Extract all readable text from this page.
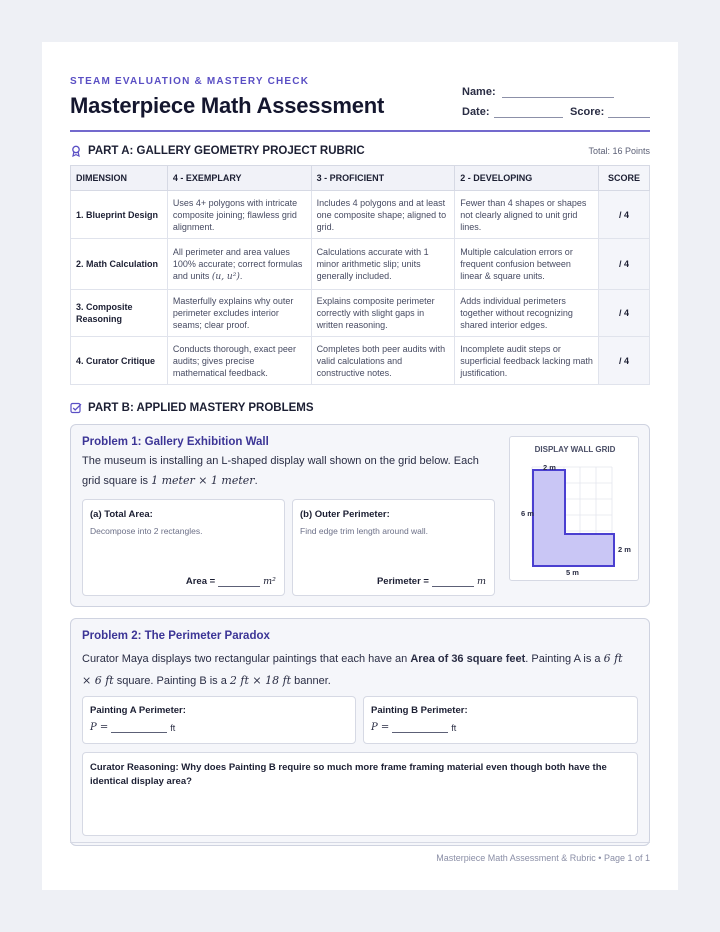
STEAM EVALUATION & MASTERY CHECK
Masterpiece Math Assessment
Name:
Date:	Score:
PART A: GALLERY GEOMETRY PROJECT RUBRIC	Total: 16 Points
DIMENSION	4 - EXEMPLARY	3 - PROFICIENT	2 - DEVELOPING	SCORE
1. Blueprint Design	Uses 4+ polygons with intricate composite joining; flawless grid alignment.	Includes 4 polygons and at least one composite shape; aligned to grid.	Fewer than 4 shapes or shapes not clearly aligned to unit grid lines.	/ 4
2. Math Calculation	All perimeter and area values 100% accurate; correct formulas and units (u, u²).	Calculations accurate with 1 minor arithmetic slip; units generally included.	Multiple calculation errors or frequent confusion between linear & square units.	/ 4
3. Composite Reasoning	Masterfully explains why outer perimeter excludes interior seams; clear proof.	Explains composite perimeter correctly with slight gaps in written reasoning.	Adds individual perimeters together without recognizing shared interior edges.	/ 4
4. Curator Critique	Conducts thorough, exact peer audits; gives precise mathematical feedback.	Completes both peer audits with valid calculations and constructive notes.	Incomplete audit steps or superficial feedback lacking math justification.	/ 4
PART B: APPLIED MASTERY PROBLEMS
Problem 1: Gallery Exhibition Wall
The museum is installing an L-shaped display wall shown on the grid below. Each
grid square is 1 meter × 1 meter.
(a) Total Area:
Decompose into 2 rectangles.
Area =	m²
(b) Outer Perimeter:
Find edge trim length around wall.
Perimeter =	m
DISPLAY WALL GRID
2 m
6 m
2 m
5 m
Problem 2: The Perimeter Paradox
Curator Maya displays two rectangular paintings that each have an Area of 36 square feet. Painting A is a 6 ft
× 6 ft square. Painting B is a 2 ft × 18 ft banner.
Painting A Perimeter:
P =	ft
Painting B Perimeter:
P =	ft
Curator Reasoning: Why does Painting B require so much more frame framing material even though both have the identical display area?
Masterpiece Math Assessment & Rubric • Page 1 of 1
